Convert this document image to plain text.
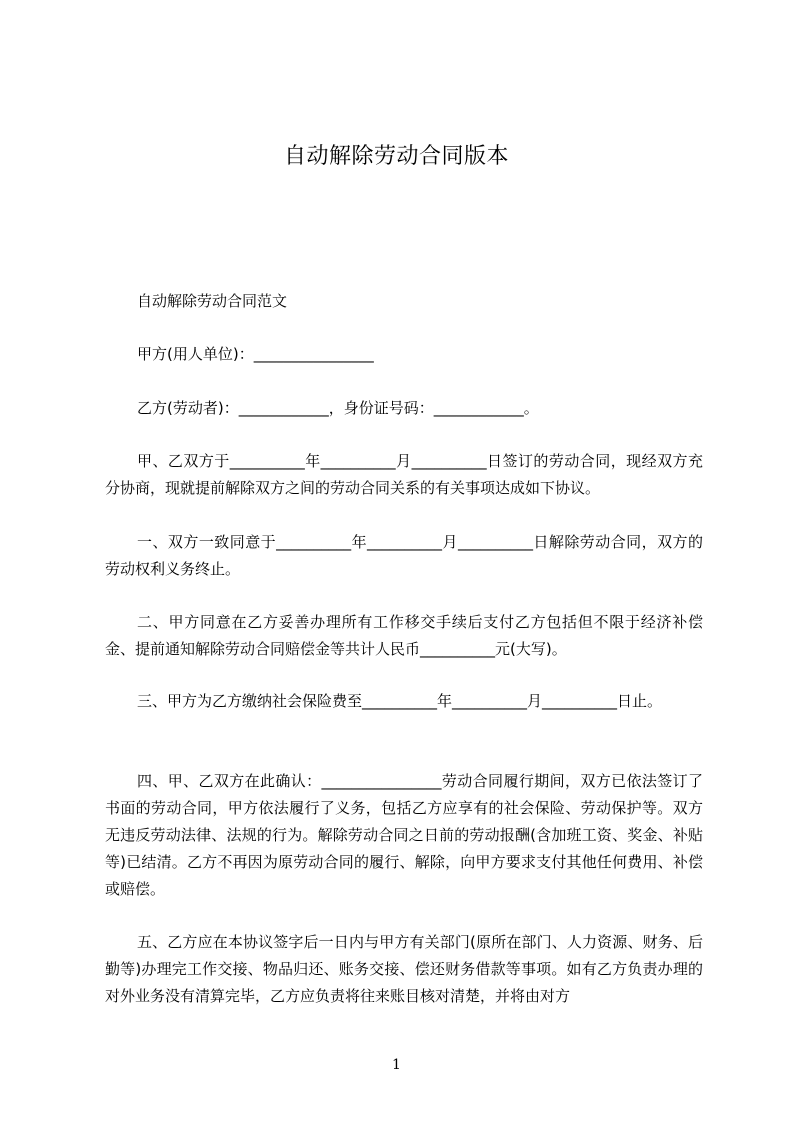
自动解除劳动合同版本
自动解除劳动合同范文
甲方(用人单位)：________________
乙方(劳动者)：____________，身份证号码：____________。
甲、乙双方于__________年__________月__________日签订的劳动合同，现经双方充分协商，现就提前解除双方之间的劳动合同关系的有关事项达成如下协议。
一、双方一致同意于__________年__________月__________日解除劳动合同，双方的劳动权利义务终止。
二、甲方同意在乙方妥善办理所有工作移交手续后支付乙方包括但不限于经济补偿金、提前通知解除劳动合同赔偿金等共计人民币__________元(大写)。
三、甲方为乙方缴纳社会保险费至__________年__________月__________日止。
四、甲、乙双方在此确认：________________劳动合同履行期间，双方已依法签订了书面的劳动合同，甲方依法履行了义务，包括乙方应享有的社会保险、劳动保护等。双方无违反劳动法律、法规的行为。解除劳动合同之日前的劳动报酬(含加班工资、奖金、补贴等)已结清。乙方不再因为原劳动合同的履行、解除，向甲方要求支付其他任何费用、补偿或赔偿。
五、乙方应在本协议签字后一日内与甲方有关部门(原所在部门、人力资源、财务、后勤等)办理完工作交接、物品归还、账务交接、偿还财务借款等事项。如有乙方负责办理的对外业务没有清算完毕，乙方应负责将往来账目核对清楚，并将由对方
1
